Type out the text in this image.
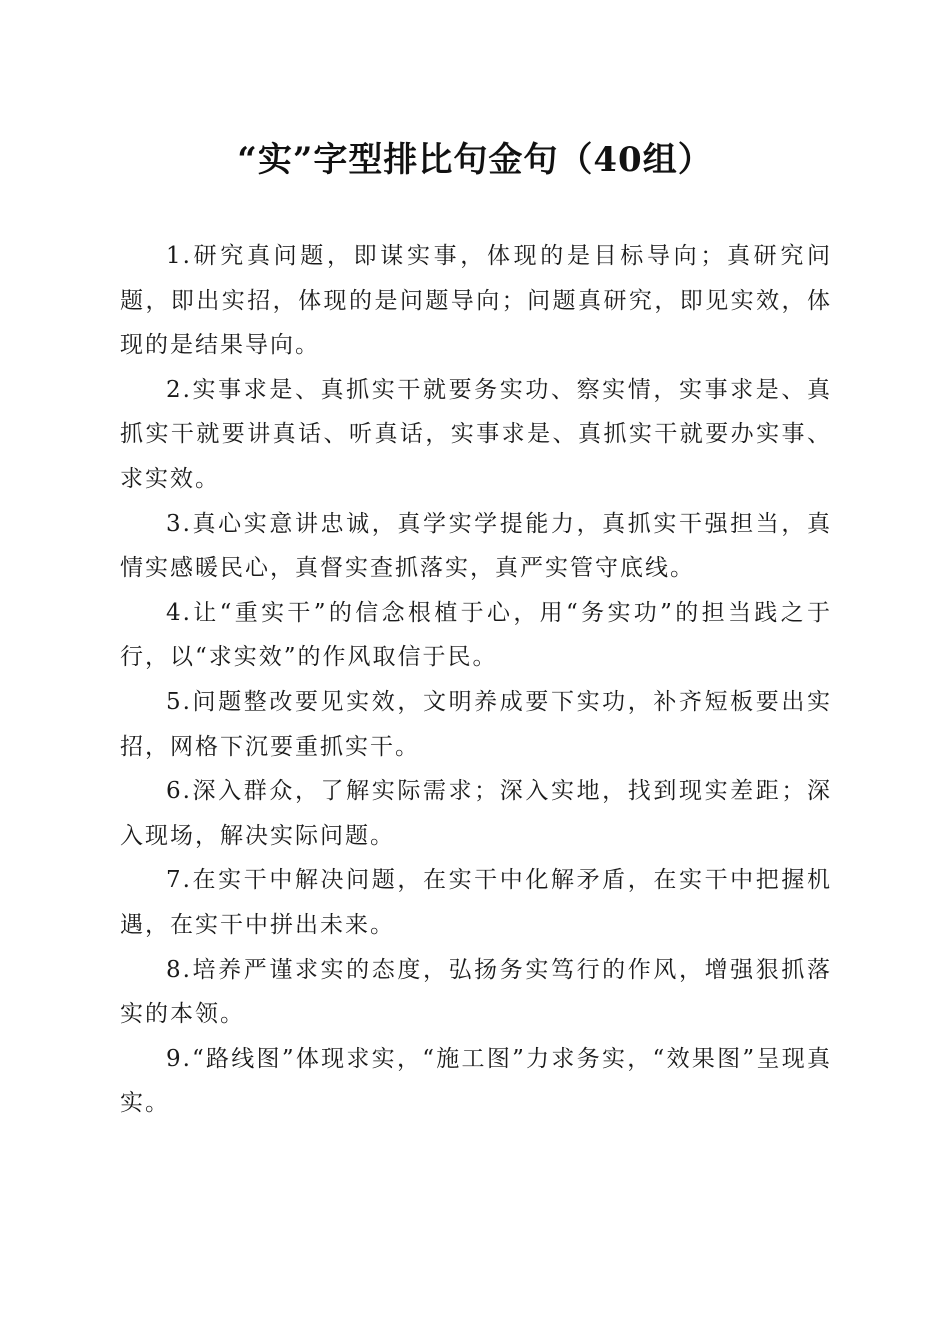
“实”字型排比句金句（40组）

1.研究真问题，即谋实事，体现的是目标导向；真研究问题，即出实招，体现的是问题导向；问题真研究，即见实效，体现的是结果导向。

2.实事求是、真抓实干就要务实功、察实情，实事求是、真抓实干就要讲真话、听真话，实事求是、真抓实干就要办实事、求实效。

3.真心实意讲忠诚，真学实学提能力，真抓实干强担当，真情实感暖民心，真督实查抓落实，真严实管守底线。

4.让“重实干”的信念根植于心，用“务实功”的担当践之于行，以“求实效”的作风取信于民。

5.问题整改要见实效，文明养成要下实功，补齐短板要出实招，网格下沉要重抓实干。

6.深入群众，了解实际需求；深入实地，找到现实差距；深入现场，解决实际问题。

7.在实干中解决问题，在实干中化解矛盾，在实干中把握机遇，在实干中拼出未来。

8.培养严谨求实的态度，弘扬务实笃行的作风，增强狠抓落实的本领。

9.“路线图”体现求实，“施工图”力求务实，“效果图”呈现真实。
